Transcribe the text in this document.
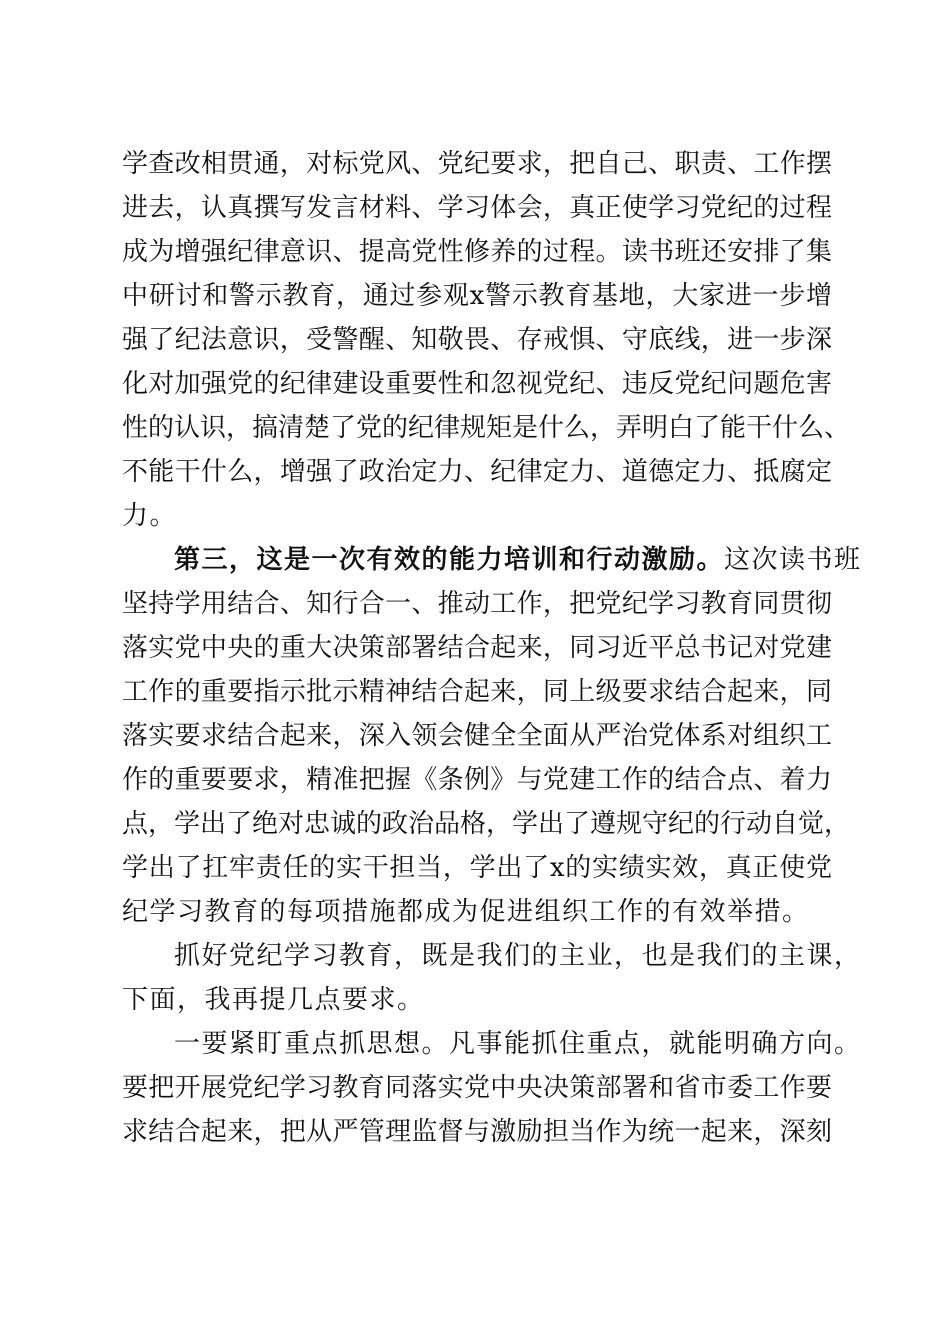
学查改相贯通，对标党风、党纪要求，把自己、职责、工作摆
进去，认真撰写发言材料、学习体会，真正使学习党纪的过程
成为增强纪律意识、提高党性修养的过程。读书班还安排了集
中研讨和警示教育，通过参观x警示教育基地，大家进一步增
强了纪法意识，受警醒、知敬畏、存戒惧、守底线，进一步深
化对加强党的纪律建设重要性和忽视党纪、违反党纪问题危害
性的认识，搞清楚了党的纪律规矩是什么，弄明白了能干什么、
不能干什么，增强了政治定力、纪律定力、道德定力、抵腐定
力。
第三，这是一次有效的能力培训和行动激励。这次读书班
坚持学用结合、知行合一、推动工作，把党纪学习教育同贯彻
落实党中央的重大决策部署结合起来，同习近平总书记对党建
工作的重要指示批示精神结合起来，同上级要求结合起来，同
落实要求结合起来，深入领会健全全面从严治党体系对组织工
作的重要要求，精准把握《条例》与党建工作的结合点、着力
点，学出了绝对忠诚的政治品格，学出了遵规守纪的行动自觉，
学出了扛牢责任的实干担当，学出了x的实绩实效，真正使党
纪学习教育的每项措施都成为促进组织工作的有效举措。
抓好党纪学习教育，既是我们的主业，也是我们的主课，
下面，我再提几点要求。
一要紧盯重点抓思想。凡事能抓住重点，就能明确方向。
要把开展党纪学习教育同落实党中央决策部署和省市委工作要
求结合起来，把从严管理监督与激励担当作为统一起来，深刻
